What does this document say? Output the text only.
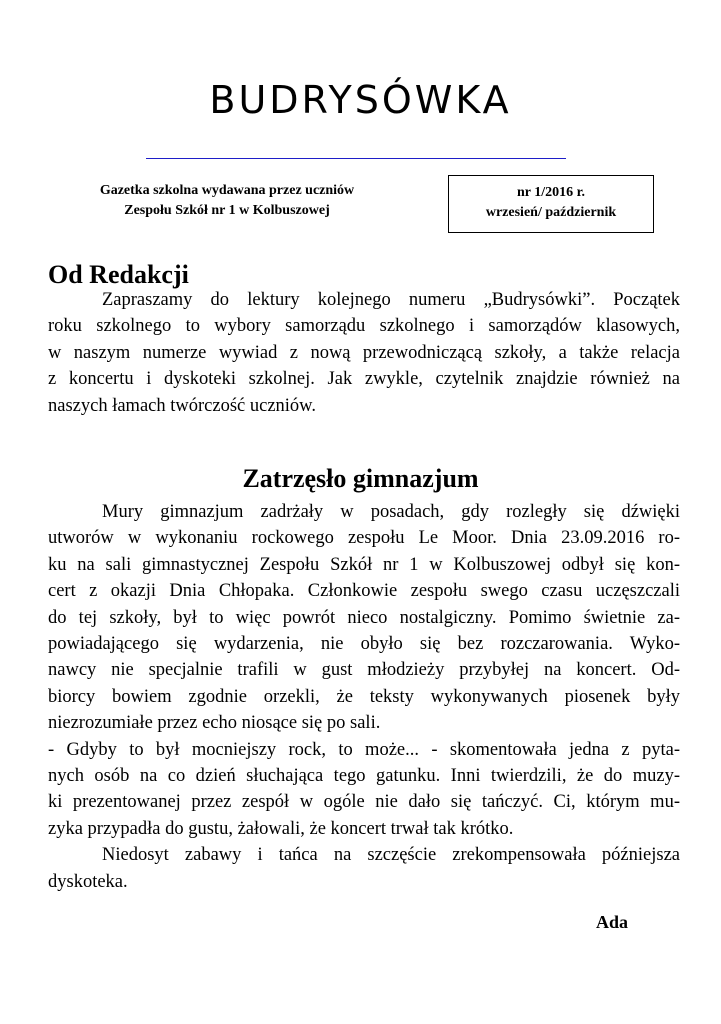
BUDRYSÓWKA
Gazetka szkolna wydawana przez uczniów
Zespołu Szkół nr 1 w Kolbuszowej
nr 1/2016 r.
wrzesień/ październik
Od Redakcji
Zapraszamy do lektury kolejnego numeru „Budrysówki”. Początek
roku szkolnego to wybory samorządu szkolnego i samorządów klasowych,
w naszym numerze wywiad z nową przewodniczącą szkoły, a także relacja
z koncertu i dyskoteki szkolnej. Jak zwykle, czytelnik znajdzie również na
naszych łamach twórczość uczniów.
Zatrzęsło gimnazjum
Mury gimnazjum zadrżały w posadach, gdy rozległy się dźwięki
utworów w wykonaniu rockowego zespołu Le Moor. Dnia 23.09.2016 ro-
ku na sali gimnastycznej Zespołu Szkół nr 1 w Kolbuszowej odbył się kon-
cert z okazji Dnia Chłopaka. Członkowie zespołu swego czasu uczęszczali
do tej szkoły, był to więc powrót nieco nostalgiczny. Pomimo świetnie za-
powiadającego się wydarzenia, nie obyło się bez rozczarowania. Wyko-
nawcy nie specjalnie trafili w gust młodzieży przybyłej na koncert. Od-
biorcy bowiem zgodnie orzekli, że teksty wykonywanych piosenek były
niezrozumiałe przez echo niosące się po sali.
- Gdyby to był mocniejszy rock, to może... - skomentowała jedna z pyta-
nych osób na co dzień słuchająca tego gatunku. Inni twierdzili, że do muzy-
ki prezentowanej przez zespół w ogóle nie dało się tańczyć. Ci, którym mu-
zyka przypadła do gustu, żałowali, że koncert trwał tak krótko.
Niedosyt zabawy i tańca na szczęście zrekompensowała późniejsza
dyskoteka.
Ada
